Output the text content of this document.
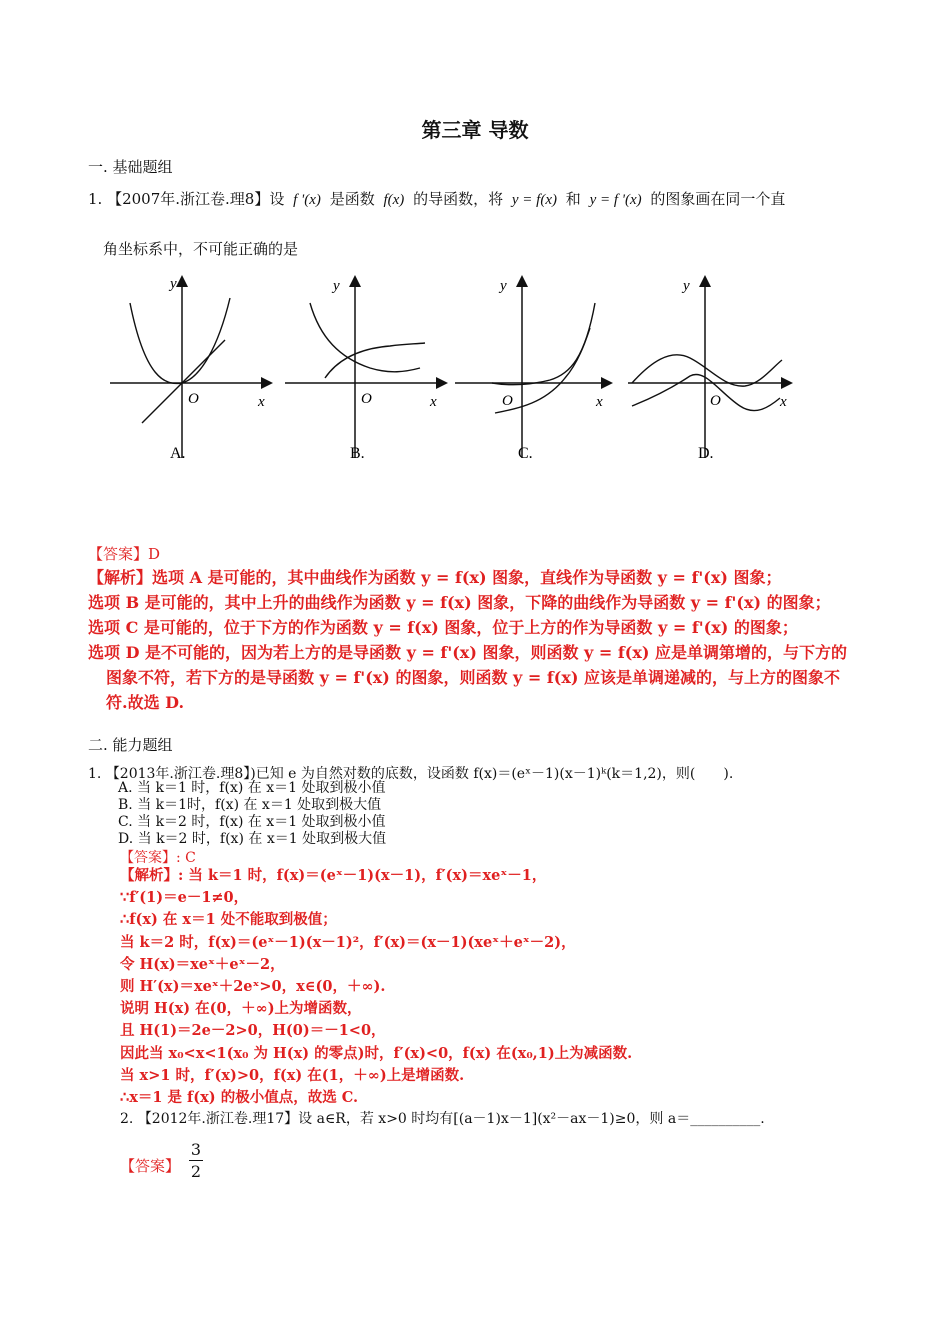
第三章 导数
一. 基础题组
1. 【2007年.浙江卷.理8】设 f '(x) 是函数 f(x) 的导函数，将 y = f(x) 和 y = f '(x) 的图象画在同一个直
角坐标系中，不可能正确的是
y
O	x
A.
y
O	x
B.
y
O	x
C.
y
O	x
D.
【答案】D
【解析】选项 A 是可能的，其中曲线作为函数 y = f(x) 图象，直线作为导函数 y = f'(x) 图象；
选项 B 是可能的，其中上升的曲线作为函数 y = f(x) 图象，下降的曲线作为导函数 y = f'(x) 的图象；
选项 C 是可能的，位于下方的作为函数 y = f(x) 图象，位于上方的作为导函数 y = f'(x) 的图象；
选项 D 是不可能的，因为若上方的是导函数 y = f'(x) 图象，则函数 y = f(x) 应是单调第增的，与下方的
图象不符，若下方的是导函数 y = f'(x) 的图象，则函数 y = f(x) 应该是单调递减的，与上方的图象不
符.故选 D.
二. 能力题组
1. 【2013年.浙江卷.理8】)已知 e 为自然对数的底数，设函数 f(x)＝(eˣ－1)(x－1)ᵏ(k＝1,2)，则(　　).
A. 当 k＝1 时，f(x) 在 x＝1 处取到极小值
B. 当 k＝1时，f(x) 在 x＝1 处取到极大值
C. 当 k＝2 时，f(x) 在 x＝1 处取到极小值
D. 当 k＝2 时，f(x) 在 x＝1 处取到极大值
【答案】: C
【解析】: 当 k＝1 时，f(x)＝(eˣ－1)(x－1)，f′(x)＝xeˣ－1，
∵f′(1)＝e－1≠0，
∴f(x) 在 x＝1 处不能取到极值；
当 k＝2 时，f(x)＝(eˣ－1)(x－1)²，f′(x)＝(x－1)(xeˣ＋eˣ－2)，
令 H(x)＝xeˣ＋eˣ－2，
则 H′(x)＝xeˣ＋2eˣ>0，x∈(0，＋∞).
说明 H(x) 在(0，＋∞)上为增函数，
且 H(1)＝2e－2>0，H(0)＝－1<0，
因此当 x₀<x<1(x₀ 为 H(x) 的零点)时，f′(x)<0，f(x) 在(x₀,1)上为减函数.
当 x>1 时，f′(x)>0，f(x) 在(1，＋∞)上是增函数.
∴x＝1 是 f(x) 的极小值点，故选 C.
2. 【2012年.浙江卷.理17】设 a∈R，若 x>0 时均有[(a－1)x－1](x²－ax－1)≥0，则 a＝__________.
【答案】
3
2
